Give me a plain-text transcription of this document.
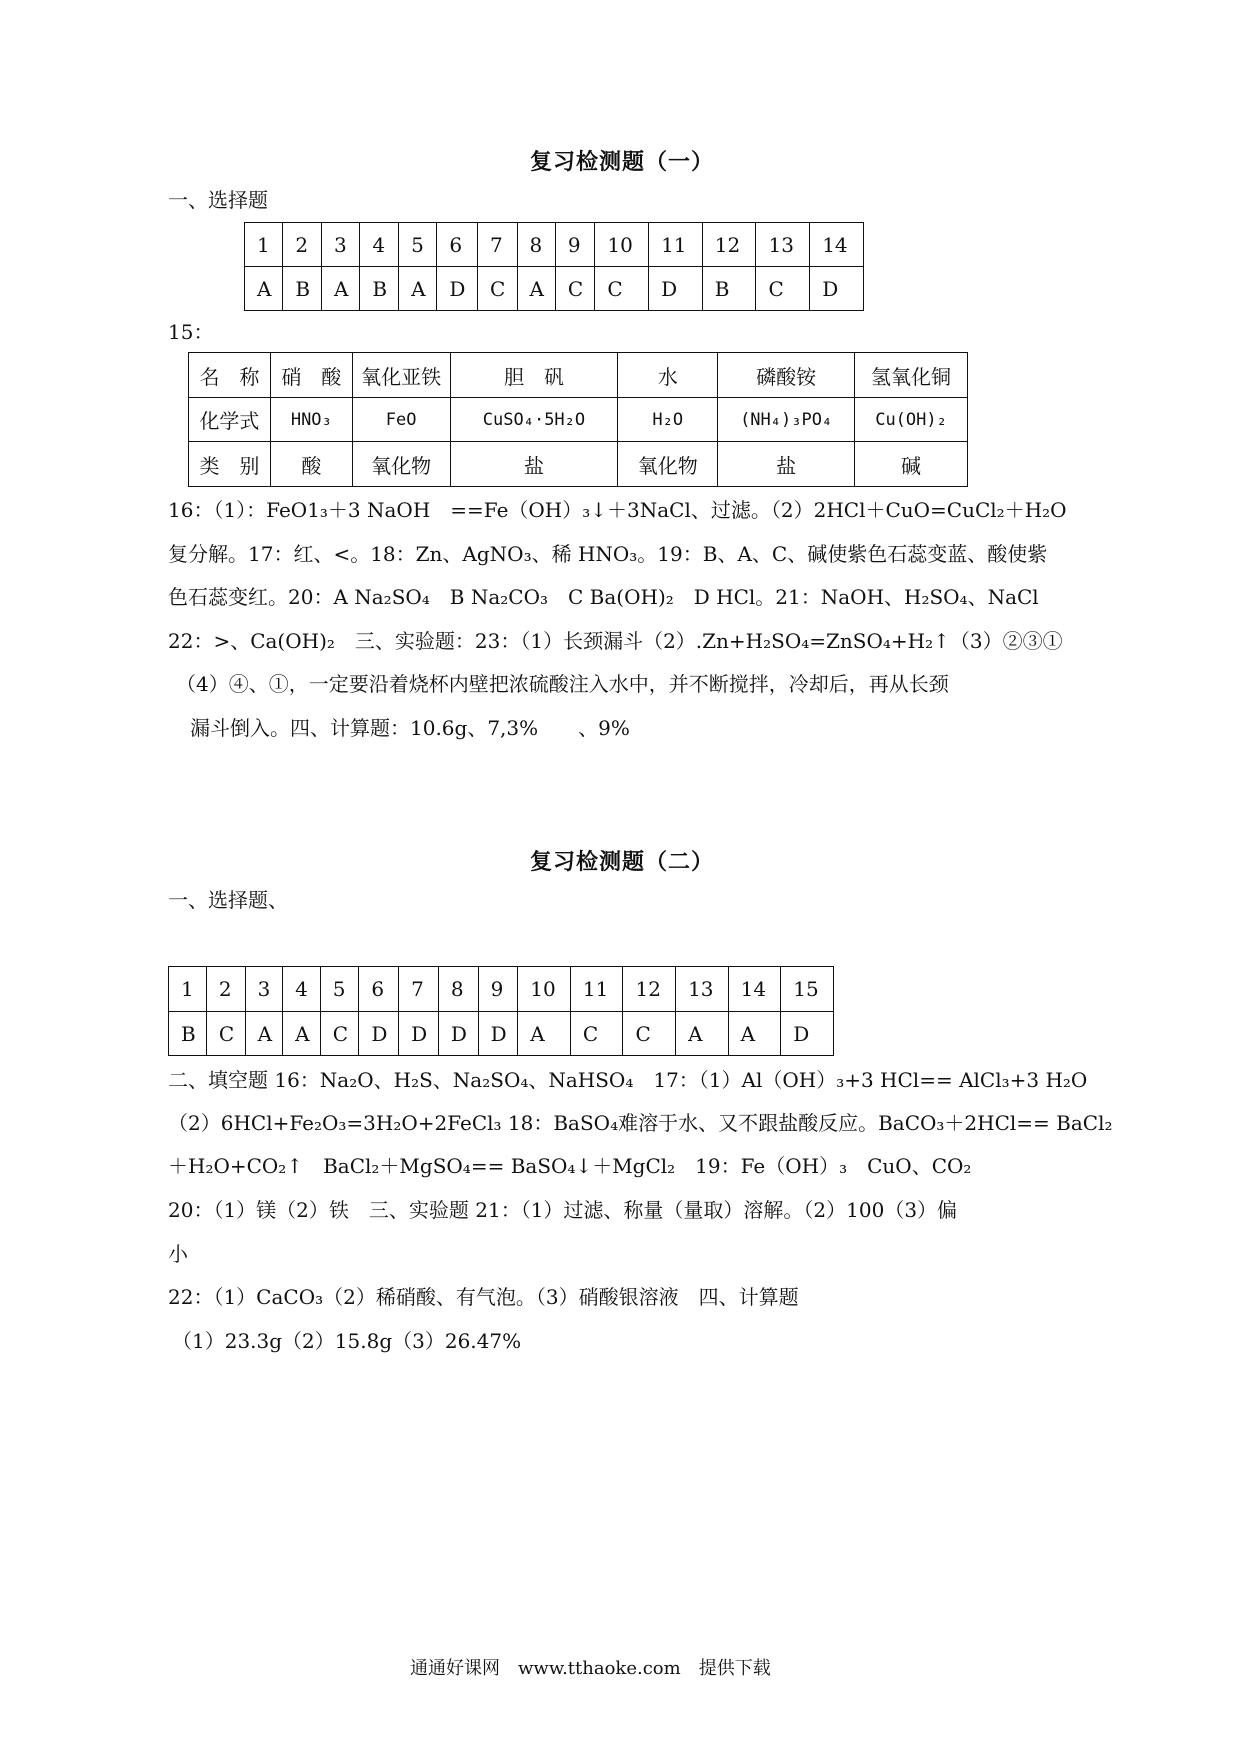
复习检测题（一）
一、选择题
1	2	3	4	5	6	7	8	9	10	11	12	13	14
A	B	A	B	A	D	C	A	C	C	D	B	C	D
15：
名　称	硝　酸	氧化亚铁	胆　矾	水	磷酸铵	氢氧化铜
化学式	HNO₃	FeO	CuSO₄·5H₂O	H₂O	(NH₄)₃PO₄	Cu(OH)₂
类　别	酸	氧化物	盐	氧化物	盐	碱
16：（1）：FeO1₃＋3 NaOH　==Fe（OH）₃↓＋3NaCl、过滤。（2）2HCl＋CuO=CuCl₂＋H₂O
复分解。17：红、<。18：Zn、AgNO₃、稀 HNO₃。19：B、A、C、碱使紫色石蕊变蓝、酸使紫
色石蕊变红。20：A Na₂SO₄　B Na₂CO₃　C Ba(OH)₂　D HCl。21：NaOH、H₂SO₄、NaCl
22：>、Ca(OH)₂　三、实验题：23：（1）长颈漏斗（2）.Zn+H₂SO₄=ZnSO₄+H₂↑（3）②③①
（4）④、①，一定要沿着烧杯内壁把浓硫酸注入水中，并不断搅拌，冷却后，再从长颈
漏斗倒入。四、计算题：10.6g、7,3%　　、9%
复习检测题（二）
一、选择题、
1	2	3	4	5	6	7	8	9	10	11	12	13	14	15
B	C	A	A	C	D	D	D	D	A	C	C	A	A	D
二、填空题 16：Na₂O、H₂S、Na₂SO₄、NaHSO₄　17：（1）Al（OH）₃+3 HCl== AlCl₃+3 H₂O
（2）6HCl+Fe₂O₃=3H₂O+2FeCl₃ 18：BaSO₄难溶于水、又不跟盐酸反应。BaCO₃＋2HCl== BaCl₂
＋H₂O+CO₂↑　BaCl₂＋MgSO₄== BaSO₄↓＋MgCl₂　19：Fe（OH）₃　CuO、CO₂
20：（1）镁（2）铁　三、实验题 21：（1）过滤、称量（量取）溶解。（2）100（3）偏
小
22：（1）CaCO₃（2）稀硝酸、有气泡。（3）硝酸银溶液　四、计算题
（1）23.3g（2）15.8g（3）26.47%
通通好课网　www.tthaoke.com　提供下载
